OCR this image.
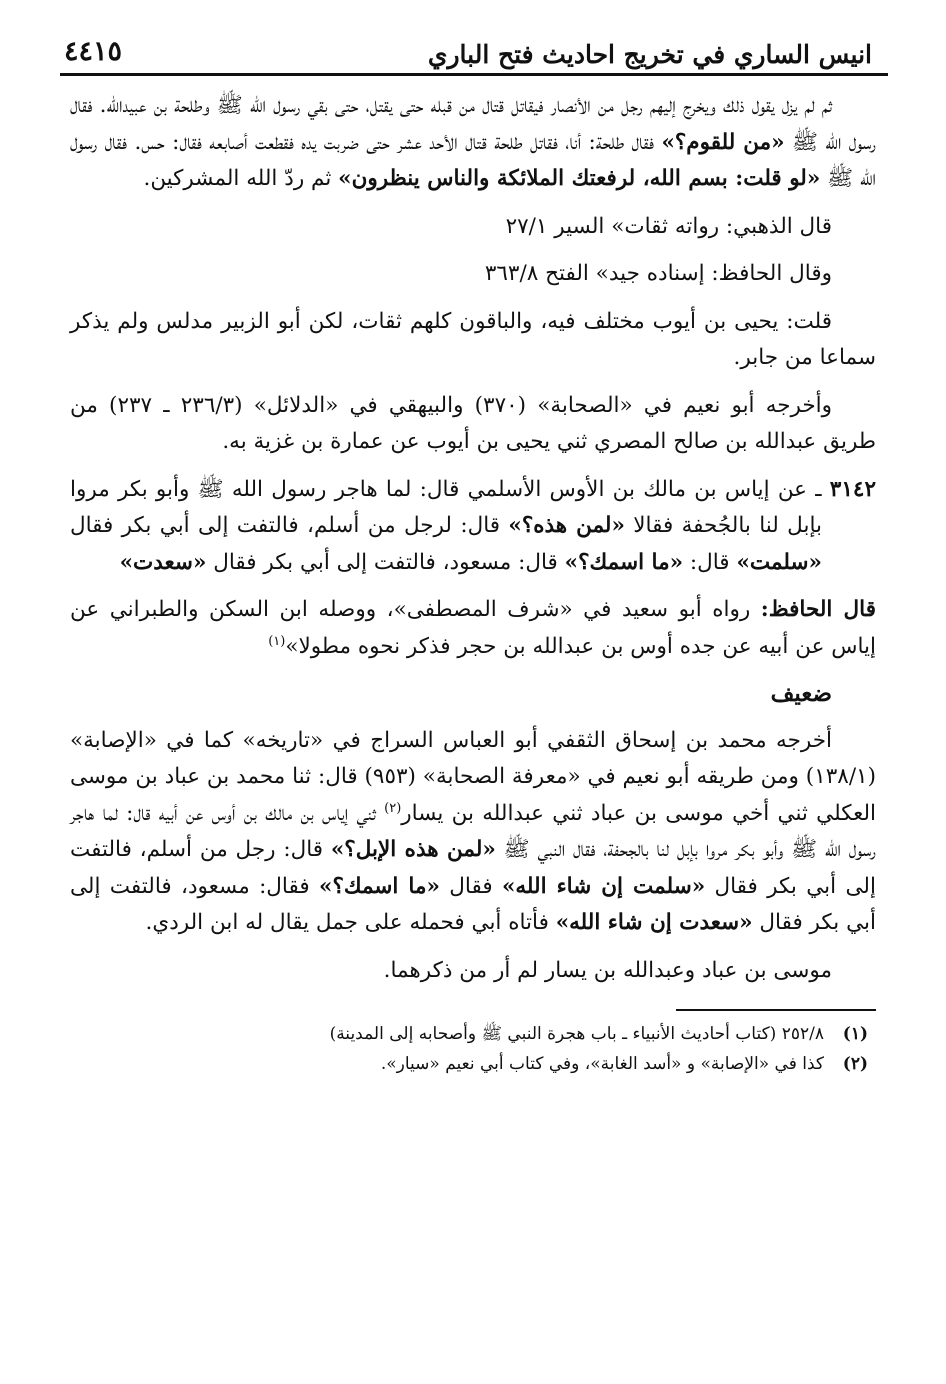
انيس الساري في تخريج احاديث فتح الباري
٤٤١٥

ثم لم يزل يقول ذلك ويخرج إليهم رجل من الأنصار فيقاتل قتال من قبله حتى يقتل، حتى بقي رسول الله ﷺ وطلحة بن عبيدالله. فقال رسول الله ﷺ «من للقوم؟» فقال طلحة: أنا، فقاتل طلحة قتال الأحد عشر حتى ضربت يده فقطعت أصابعه فقال: حس. فقال رسول الله ﷺ «لو قلت: بسم الله، لرفعتك الملائكة والناس ينظرون» ثم ردّ الله المشركين.

قال الذهبي: رواته ثقات» السير ٢٧/١

وقال الحافظ: إسناده جيد» الفتح ٣٦٣/٨

قلت: يحيى بن أيوب مختلف فيه، والباقون كلهم ثقات، لكن أبو الزبير مدلس ولم يذكر سماعا من جابر.

وأخرجه أبو نعيم في «الصحابة» (٣٧٠) والبيهقي في «الدلائل» (٢٣٦/٣ ـ ٢٣٧) من طريق عبدالله بن صالح المصري ثني يحيى بن أيوب عن عمارة بن غزية به.

٣١٤٢ ـ عن إياس بن مالك بن الأوس الأسلمي قال: لما هاجر رسول الله ﷺ وأبو بكر مروا بإبل لنا بالجُحفة فقالا «لمن هذه؟» قال: لرجل من أسلم، فالتفت إلى أبي بكر فقال «سلمت» قال: «ما اسمك؟» قال: مسعود، فالتفت إلى أبي بكر فقال «سعدت»

قال الحافظ: رواه أبو سعيد في «شرف المصطفى»، ووصله ابن السكن والطبراني عن إياس عن أبيه عن جده أوس بن عبدالله بن حجر فذكر نحوه مطولا»$^{(١)}$

ضعيف

أخرجه محمد بن إسحاق الثقفي أبو العباس السراج في «تاريخه» كما في «الإصابة» (١٣٨/١) ومن طريقه أبو نعيم في «معرفة الصحابة» (٩٥٣) قال: ثنا محمد بن عباد بن موسى العكلي ثني أخي موسى بن عباد ثني عبدالله بن يسار$^{(٢)}$ ثني إياس بن مالك بن أوس عن أبيه قال: لما هاجر رسول الله ﷺ وأبو بكر مروا بإبل لنا بالجحفة، فقال النبي ﷺ «لمن هذه الإبل؟» قال: رجل من أسلم، فالتفت إلى أبي بكر فقال «سلمت إن شاء الله» فقال «ما اسمك؟» فقال: مسعود، فالتفت إلى أبي بكر فقال «سعدت إن شاء الله» فأتاه أبي فحمله على جمل يقال له ابن الردي.

موسى بن عباد وعبدالله بن يسار لم أر من ذكرهما.

(١)٢٥٢/٨ (كتاب أحاديث الأنبياء ـ باب هجرة النبي ﷺ وأصحابه إلى المدينة)
(٢)كذا في «الإصابة» و «أسد الغابة»، وفي كتاب أبي نعيم «سيار».
